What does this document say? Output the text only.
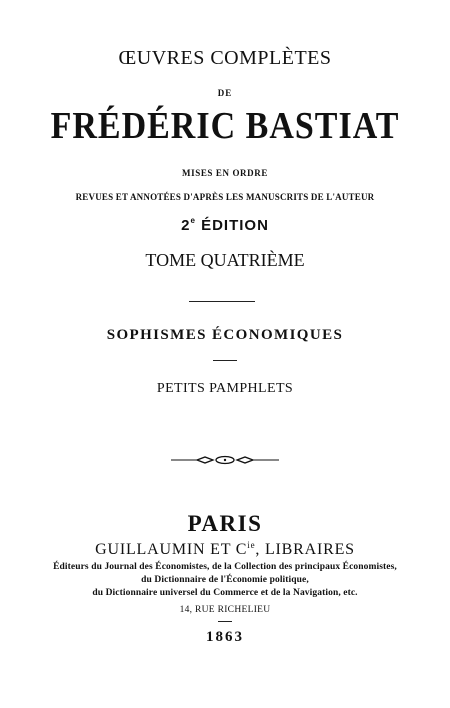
ŒUVRES COMPLÈTES
DE
FRÉDÉRIC BASTIAT
MISES EN ORDRE
REVUES ET ANNOTÉES D'APRÈS LES MANUSCRITS DE L'AUTEUR
2e ÉDITION
TOME QUATRIÈME
SOPHISMES ÉCONOMIQUES
PETITS PAMPHLETS
PARIS
GUILLAUMIN ET $C^{ie}$, LIBRAIRES
Éditeurs du Journal des Économistes, de la Collection des principaux Économistes,
du Dictionnaire de l'Économie politique,
du Dictionnaire universel du Commerce et de la Navigation, etc.
14, RUE RICHELIEU
1863
